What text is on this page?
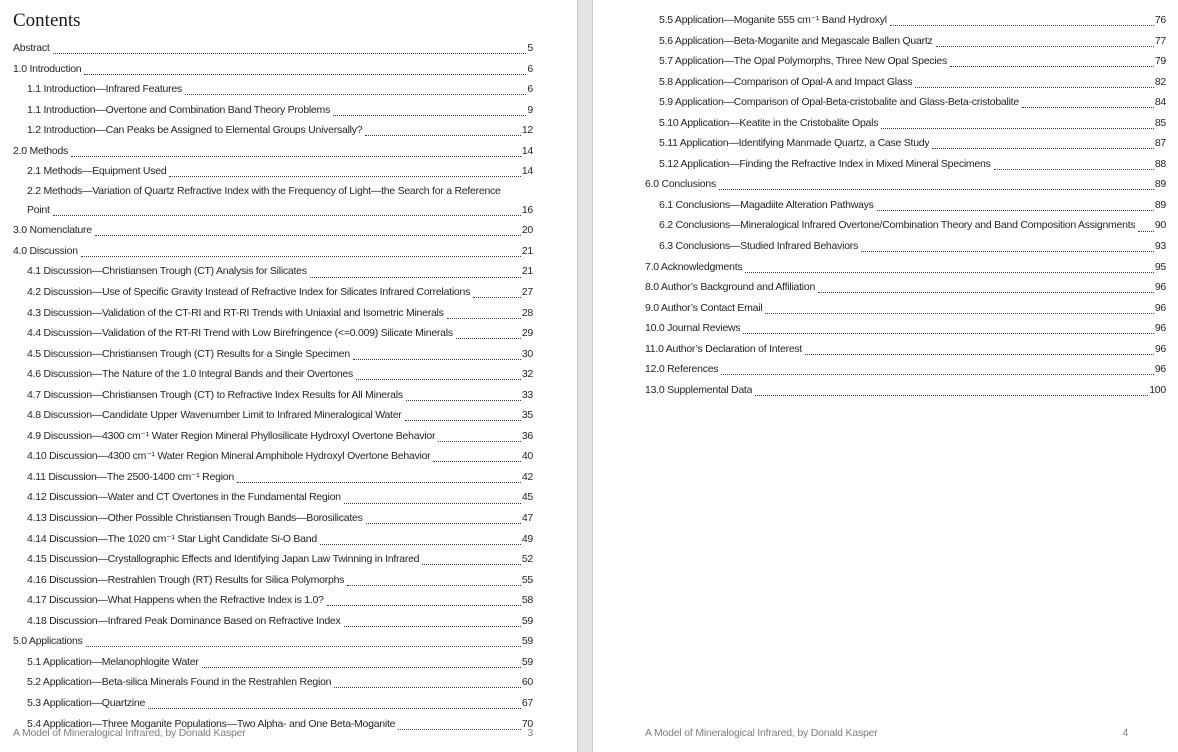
Contents
Abstract	5
1.0 Introduction	6
1.1 Introduction—Infrared Features	6
1.1 Introduction—Overtone and Combination Band Theory Problems	9
1.2 Introduction—Can Peaks be Assigned to Elemental Groups Universally?	12
2.0 Methods	14
2.1 Methods—Equipment Used	14
2.2 Methods—Variation of Quartz Refractive Index with the Frequency of Light—the Search for a Reference
Point	16
3.0 Nomenclature	20
4.0 Discussion	21
4.1 Discussion—Christiansen Trough (CT) Analysis for Silicates	21
4.2 Discussion—Use of Specific Gravity Instead of Refractive Index for Silicates Infrared Correlations	27
4.3 Discussion—Validation of the CT-RI and RT-RI Trends with Uniaxial and Isometric Minerals	28
4.4 Discussion—Validation of the RT-RI Trend with Low Birefringence (<=0.009) Silicate Minerals	29
4.5 Discussion—Christiansen Trough (CT) Results for a Single Specimen	30
4.6 Discussion—The Nature of the 1.0 Integral Bands and their Overtones	32
4.7 Discussion—Christiansen Trough (CT) to Refractive Index Results for All Minerals	33
4.8 Discussion—Candidate Upper Wavenumber Limit to Infrared Mineralogical Water	35
4.9 Discussion—4300 cm⁻¹ Water Region Mineral Phyllosilicate Hydroxyl Overtone Behavior	36
4.10 Discussion—4300 cm⁻¹ Water Region Mineral Amphibole Hydroxyl Overtone Behavior	40
4.11 Discussion—The 2500-1400 cm⁻¹ Region	42
4.12 Discussion—Water and CT Overtones in the Fundamental Region	45
4.13 Discussion—Other Possible Christiansen Trough Bands—Borosilicates	47
4.14 Discussion—The 1020 cm⁻¹ Star Light Candidate Si-O Band	49
4.15 Discussion—Crystallographic Effects and Identifying Japan Law Twinning in Infrared	52
4.16 Discussion—Restrahlen Trough (RT) Results for Silica Polymorphs	55
4.17 Discussion—What Happens when the Refractive Index is 1.0?	58
4.18 Discussion—Infrared Peak Dominance Based on Refractive Index	59
5.0 Applications	59
5.1 Application—Melanophlogite Water	59
5.2 Application—Beta-silica Minerals Found in the Restrahlen Region	60
5.3 Application—Quartzine	67
5.4 Application—Three Moganite Populations—Two Alpha- and One Beta-Moganite	70
A Model of Mineralogical Infrared, by Donald Kasper	3
5.5 Application—Moganite 555 cm⁻¹ Band Hydroxyl	76
5.6 Application—Beta-Moganite and Megascale Ballen Quartz	77
5.7 Application—The Opal Polymorphs, Three New Opal Species	79
5.8 Application—Comparison of Opal-A and Impact Glass	82
5.9 Application—Comparison of Opal-Beta-cristobalite and Glass-Beta-cristobalite	84
5.10 Application—Keatite in the Cristobalite Opals	85
5.11 Application—Identifying Manmade Quartz, a Case Study	87
5.12 Application—Finding the Refractive Index in Mixed Mineral Specimens	88
6.0 Conclusions	89
6.1 Conclusions—Magadiite Alteration Pathways	89
6.2 Conclusions—Mineralogical Infrared Overtone/Combination Theory and Band Composition Assignments 90
6.3 Conclusions—Studied Infrared Behaviors	93
7.0 Acknowledgments	95
8.0 Author’s Background and Affiliation	96
9.0 Author’s Contact Email	96
10.0 Journal Reviews	96
11.0 Author’s Declaration of Interest	96
12.0 References	96
13.0 Supplemental Data	100
A Model of Mineralogical Infrared, by Donald Kasper	4
